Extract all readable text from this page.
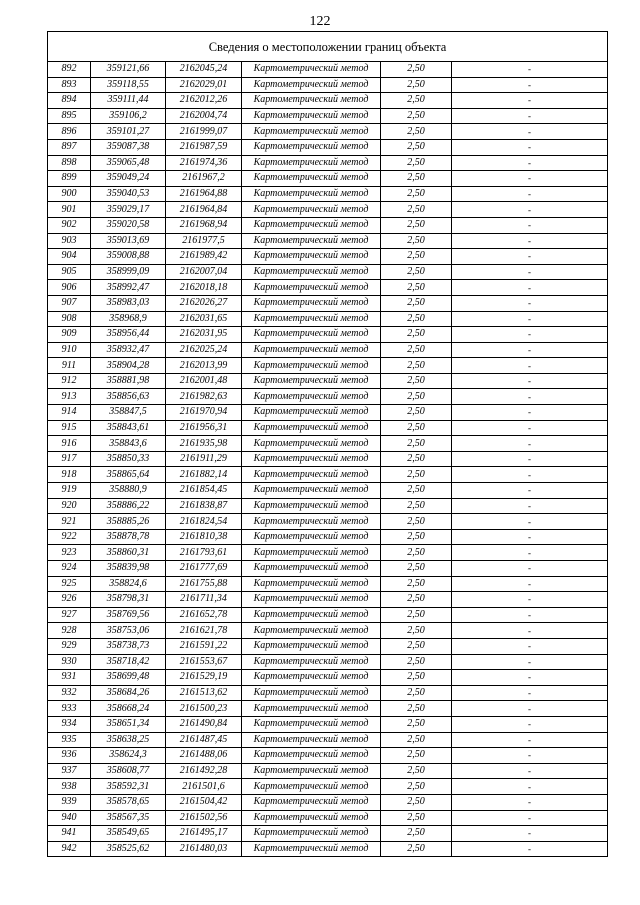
122
Сведения о местоположении границ объекта					
892	359121,66	2162045,24	Картометрический метод	2,50	-
893	359118,55	2162029,01	Картометрический метод	2,50	-
894	359111,44	2162012,26	Картометрический метод	2,50	-
895	359106,2	2162004,74	Картометрический метод	2,50	-
896	359101,27	2161999,07	Картометрический метод	2,50	-
897	359087,38	2161987,59	Картометрический метод	2,50	-
898	359065,48	2161974,36	Картометрический метод	2,50	-
899	359049,24	2161967,2	Картометрический метод	2,50	-
900	359040,53	2161964,88	Картометрический метод	2,50	-
901	359029,17	2161964,84	Картометрический метод	2,50	-
902	359020,58	2161968,94	Картометрический метод	2,50	-
903	359013,69	2161977,5	Картометрический метод	2,50	-
904	359008,88	2161989,42	Картометрический метод	2,50	-
905	358999,09	2162007,04	Картометрический метод	2,50	-
906	358992,47	2162018,18	Картометрический метод	2,50	-
907	358983,03	2162026,27	Картометрический метод	2,50	-
908	358968,9	2162031,65	Картометрический метод	2,50	-
909	358956,44	2162031,95	Картометрический метод	2,50	-
910	358932,47	2162025,24	Картометрический метод	2,50	-
911	358904,28	2162013,99	Картометрический метод	2,50	-
912	358881,98	2162001,48	Картометрический метод	2,50	-
913	358856,63	2161982,63	Картометрический метод	2,50	-
914	358847,5	2161970,94	Картометрический метод	2,50	-
915	358843,61	2161956,31	Картометрический метод	2,50	-
916	358843,6	2161935,98	Картометрический метод	2,50	-
917	358850,33	2161911,29	Картометрический метод	2,50	-
918	358865,64	2161882,14	Картометрический метод	2,50	-
919	358880,9	2161854,45	Картометрический метод	2,50	-
920	358886,22	2161838,87	Картометрический метод	2,50	-
921	358885,26	2161824,54	Картометрический метод	2,50	-
922	358878,78	2161810,38	Картометрический метод	2,50	-
923	358860,31	2161793,61	Картометрический метод	2,50	-
924	358839,98	2161777,69	Картометрический метод	2,50	-
925	358824,6	2161755,88	Картометрический метод	2,50	-
926	358798,31	2161711,34	Картометрический метод	2,50	-
927	358769,56	2161652,78	Картометрический метод	2,50	-
928	358753,06	2161621,78	Картометрический метод	2,50	-
929	358738,73	2161591,22	Картометрический метод	2,50	-
930	358718,42	2161553,67	Картометрический метод	2,50	-
931	358699,48	2161529,19	Картометрический метод	2,50	-
932	358684,26	2161513,62	Картометрический метод	2,50	-
933	358668,24	2161500,23	Картометрический метод	2,50	-
934	358651,34	2161490,84	Картометрический метод	2,50	-
935	358638,25	2161487,45	Картометрический метод	2,50	-
936	358624,3	2161488,06	Картометрический метод	2,50	-
937	358608,77	2161492,28	Картометрический метод	2,50	-
938	358592,31	2161501,6	Картометрический метод	2,50	-
939	358578,65	2161504,42	Картометрический метод	2,50	-
940	358567,35	2161502,56	Картометрический метод	2,50	-
941	358549,65	2161495,17	Картометрический метод	2,50	-
942	358525,62	2161480,03	Картометрический метод	2,50	-
